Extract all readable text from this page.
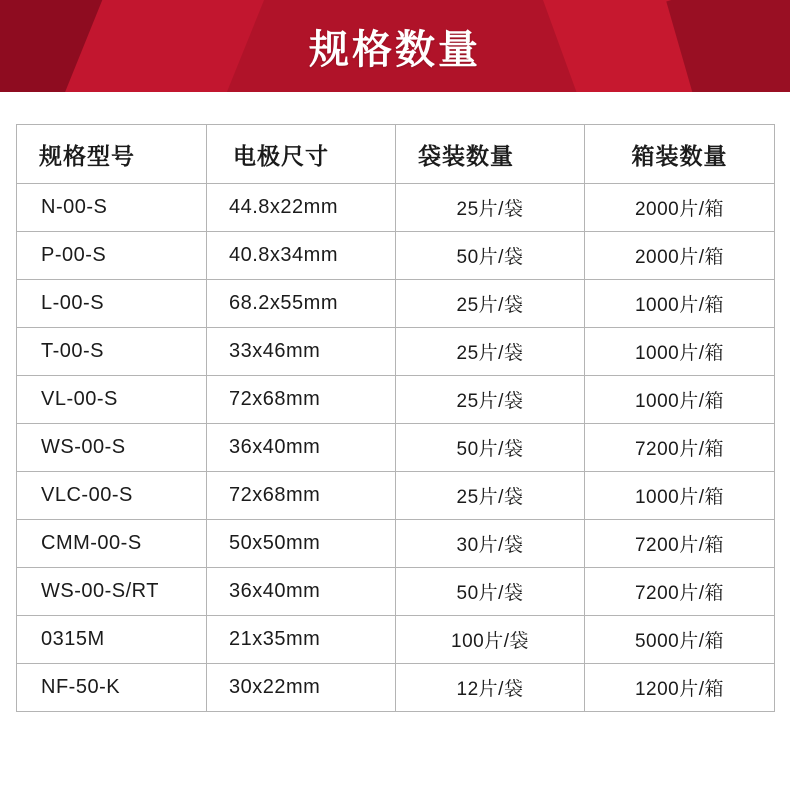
规格数量
规格型号	电极尺寸	袋装数量	箱装数量
N-00-S	44.8x22mm	25片/袋	2000片/箱
P-00-S	40.8x34mm	50片/袋	2000片/箱
L-00-S	68.2x55mm	25片/袋	1000片/箱
T-00-S	33x46mm	25片/袋	1000片/箱
VL-00-S	72x68mm	25片/袋	1000片/箱
WS-00-S	36x40mm	50片/袋	7200片/箱
VLC-00-S	72x68mm	25片/袋	1000片/箱
CMM-00-S	50x50mm	30片/袋	7200片/箱
WS-00-S/RT	36x40mm	50片/袋	7200片/箱
0315M	21x35mm	100片/袋	5000片/箱
NF-50-K	30x22mm	12片/袋	1200片/箱
